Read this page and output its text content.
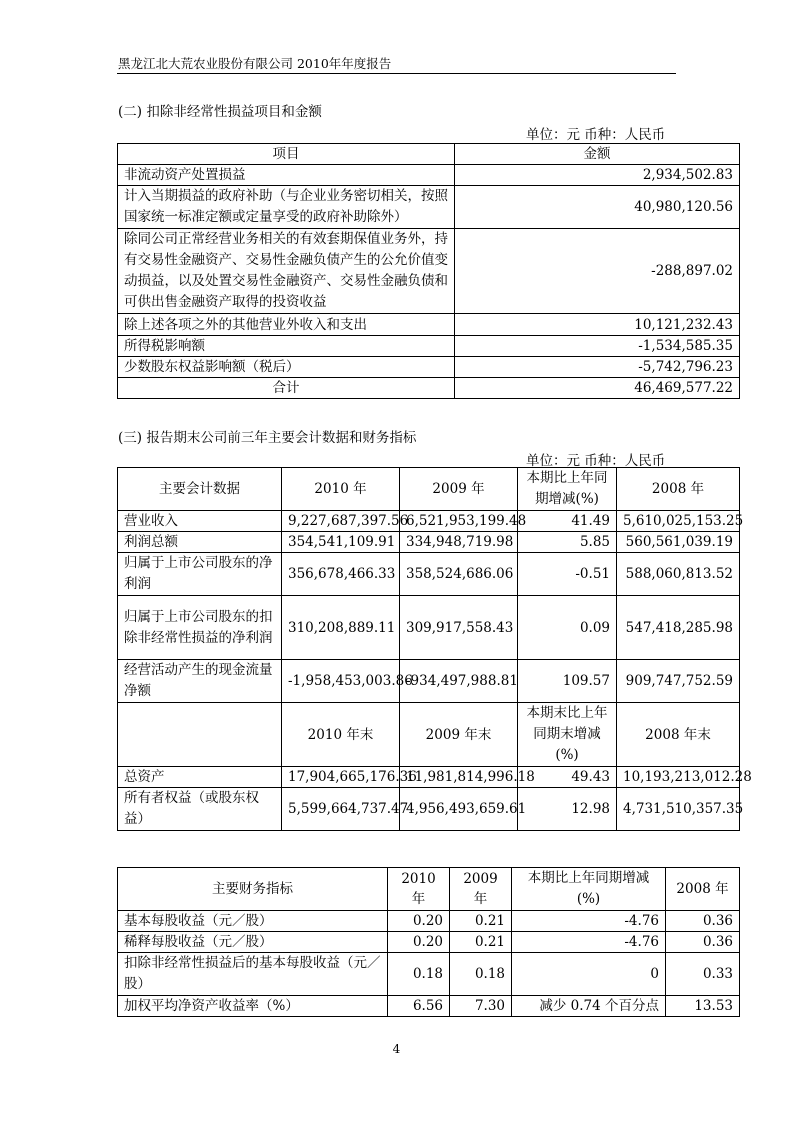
黑龙江北大荒农业股份有限公司 2010年年度报告
(二) 扣除非经常性损益项目和金额
单位：元 币种：人民币
项目	金额
非流动资产处置损益	2,934,502.83
计入当期损益的政府补助（与企业业务密切相关，按照国家统一标准定额或定量享受的政府补助除外）	40,980,120.56
除同公司正常经营业务相关的有效套期保值业务外，持有交易性金融资产、交易性金融负债产生的公允价值变动损益，以及处置交易性金融资产、交易性金融负债和可供出售金融资产取得的投资收益	-288,897.02
除上述各项之外的其他营业外收入和支出	10,121,232.43
所得税影响额	-1,534,585.35
少数股东权益影响额（税后）	-5,742,796.23
合计	46,469,577.22
(三) 报告期末公司前三年主要会计数据和财务指标
单位：元 币种：人民币
主要会计数据	2010 年	2009 年	本期比上年同期增减(%)	2008 年
营业收入	9,227,687,397.56	6,521,953,199.48	41.49	5,610,025,153.25
利润总额	354,541,109.91	334,948,719.98	5.85	560,561,039.19
归属于上市公司股东的净利润	356,678,466.33	358,524,686.06	-0.51	588,060,813.52
归属于上市公司股东的扣除非经常性损益的净利润	310,208,889.11	309,917,558.43	0.09	547,418,285.98
经营活动产生的现金流量净额	-1,958,453,003.86	-934,497,988.81	109.57	909,747,752.59
	2010 年末	2009 年末	本期末比上年同期末增减(%)	2008 年末
总资产	17,904,665,176.36	11,981,814,996.18	49.43	10,193,213,012.28
所有者权益（或股东权益）	5,599,664,737.47	4,956,493,659.61	12.98	4,731,510,357.35
主要财务指标	2010 年	2009 年	本期比上年同期增减(%)	2008 年
基本每股收益（元／股）	0.20	0.21	-4.76	0.36
稀释每股收益（元／股）	0.20	0.21	-4.76	0.36
扣除非经常性损益后的基本每股收益（元／股）	0.18	0.18	0	0.33
加权平均净资产收益率（%）	6.56	7.30	减少 0.74 个百分点	13.53
4
